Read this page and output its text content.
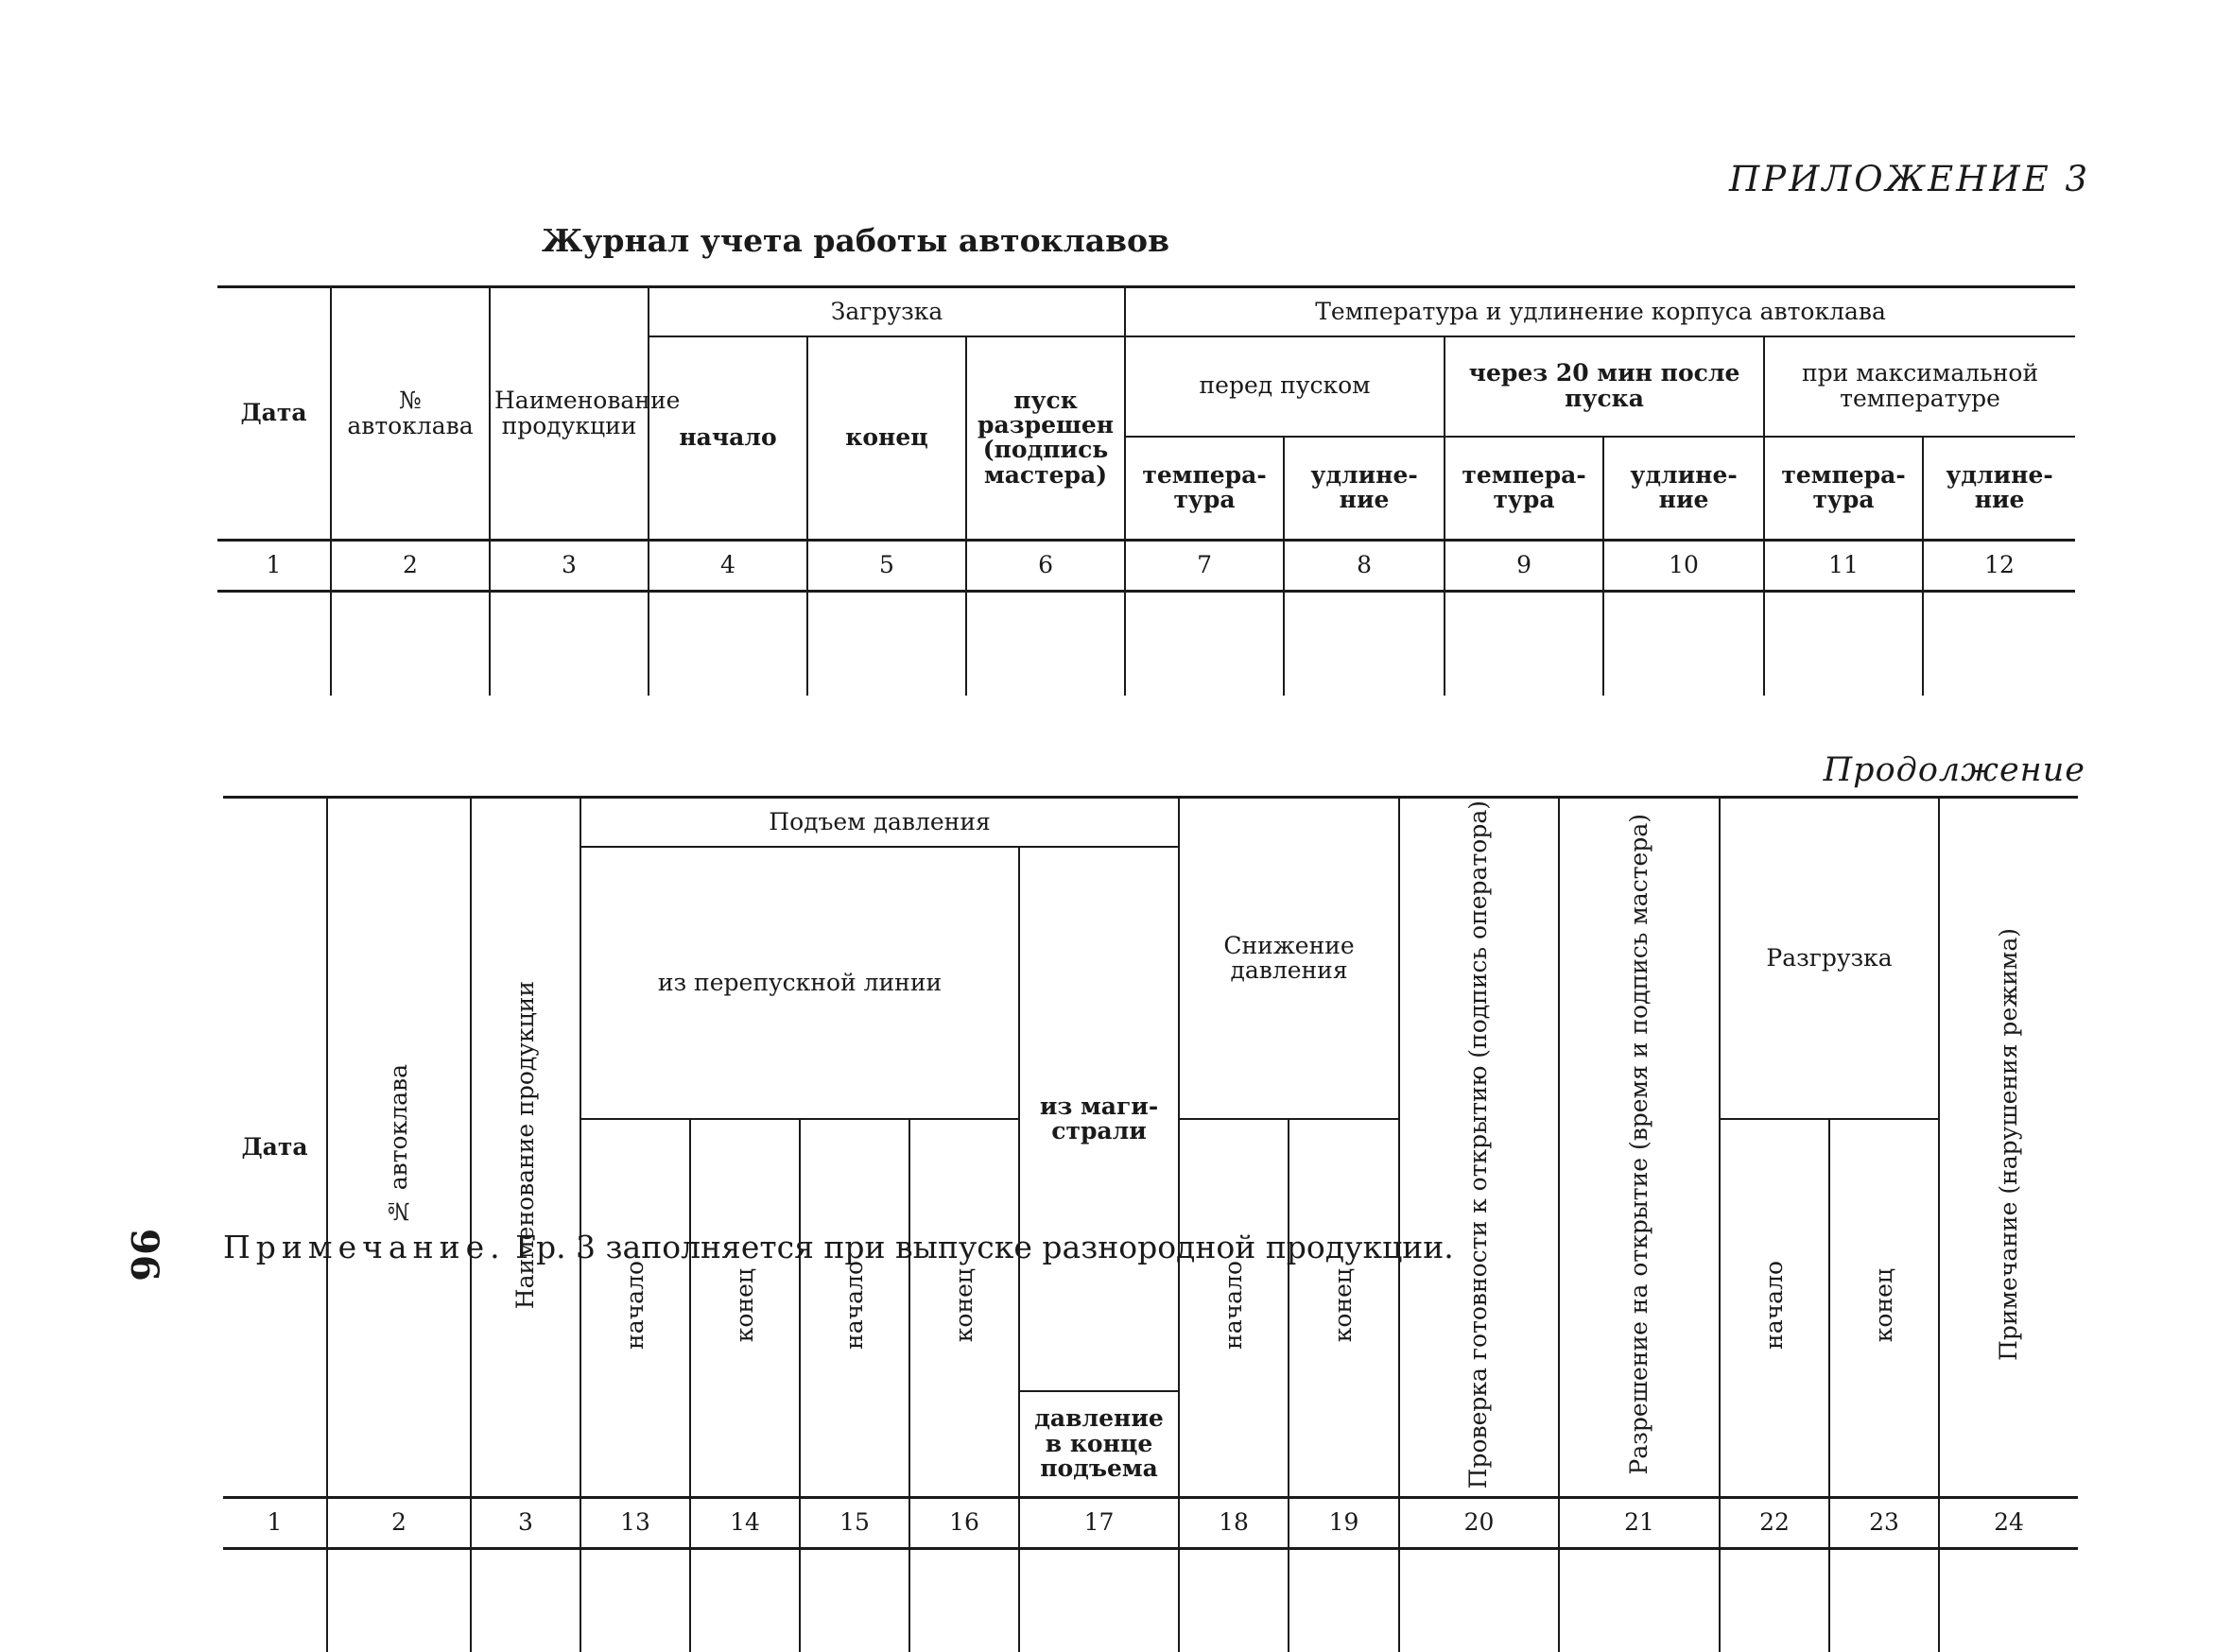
ПРИЛОЖЕНИЕ 3
Журнал учета работы автоклавов
Дата	№ автоклава	Наименование продукции	Загрузка			Температура и удлинение корпуса автоклава					
			начало	конец	пуск разрешен (подпись мастера)	перед пуском		через 20 мин после пуска		при максимальной температуре	
						темпера-тура	удлине-ние	темпера-тура	удлине-ние	темпера-тура	удлине-ние
1	2	3	4	5	6	7	8	9	10	11	12

Продолжение
Дата	№ автоклава	Наименование продукции	Подъем давления					Снижение давления		Проверка готовности к открытию (подпись оператора)	Разрешение на открытие (время и подпись мастера)	Разгрузка		Примечание (нарушения режима)
			из перепускной линии				из маги-страли							
			начало	конец	начало	конец		начало	конец			начало	конец	
							давление в конце подъема							
1	2	3	13	14	15	16	17	18	19	20	21	22	23	24

96 Примечание. Гр. 3 заполняется при выпуске разнородной продукции.
